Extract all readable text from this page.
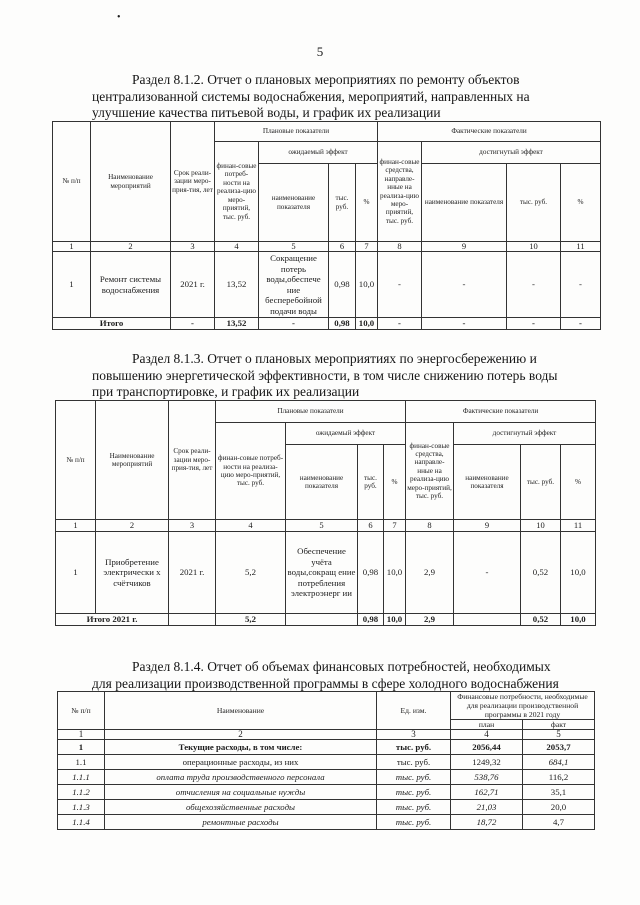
•
5
Раздел 8.1.2. Отчет о плановых мероприятиях по ремонту объектов
централизованной системы водоснабжения, мероприятий, направленных на
улучшение качества питьевой воды, и график их реализации
№ п/п	Наименование мероприятий	Срок реали-зации меро-прия-тия, лет	Плановые показатели				Фактические показатели			
			финан-совые потреб-ности на реализа-цию меро-приятий, тыс. руб.	ожидаемый эффект			финан-совые средства, направле-нные на реализа-цию меро-приятий, тыс. руб.	достигнутый эффект		
				наименование показателя	тыс. руб.	%		наименование показателя	тыс. руб.	%
1	2	3	4	5	6	7	8	9	10	11
1	Ремонт системы водоснабжения	2021 г.	13,52	Сокращение потерь воды,обеспече ние бесперебойной подачи воды	0,98	10,0	-	-	-	-
Итого		-	13,52	-	0,98	10,0	-	-	-	-
Раздел 8.1.3. Отчет о плановых мероприятиях по энергосбережению и
повышению энергетической эффективности, в том числе снижению потерь воды
при транспортировке, и график их реализации
№ п/п	Наименование мероприятий	Срок реали-зации меро-прия-тия, лет	Плановые показатели				Фактические показатели			
			финан-совые потреб-ности на реализа-цию меро-приятий, тыс. руб.	ожидаемый эффект			финан-совые средства, направле-нные на реализа-цию меро-приятий, тыс. руб.	достигнутый эффект		
				наименование показателя	тыс. руб.	%		наименование показателя	тыс. руб.	%
1	2	3	4	5	6	7	8	9	10	11
1	Приобретение электрически х счётчиков	2021 г.	5,2	Обеспечение учёта воды,сокращ ение потребления электроэнерг ии	0,98	10,0	2,9	-	0,52	10,0
Итого 2021 г.			5,2		0,98	10,0	2,9		0,52	10,0
Раздел 8.1.4. Отчет об объемах финансовых потребностей, необходимых
для реализации производственной программы в сфере холодного водоснабжения
№ п/п	Наименование	Ед. изм.	Финансовые потребности, необходимые для реализации производственной программы в 2021 году	
			план	факт
1	2	3	4	5
1	Текущие расходы, в том числе:	тыс. руб.	2056,44	2053,7
1.1	операционные расходы, из них	тыс. руб.	1249,32	684,1
1.1.1	оплата труда производственного персонала	тыс. руб.	538,76	116,2
1.1.2	отчисления на социальные нужды	тыс. руб.	162,71	35,1
1.1.3	общехозяйственные расходы	тыс. руб.	21,03	20,0
1.1.4	ремонтные расходы	тыс. руб.	18,72	4,7
